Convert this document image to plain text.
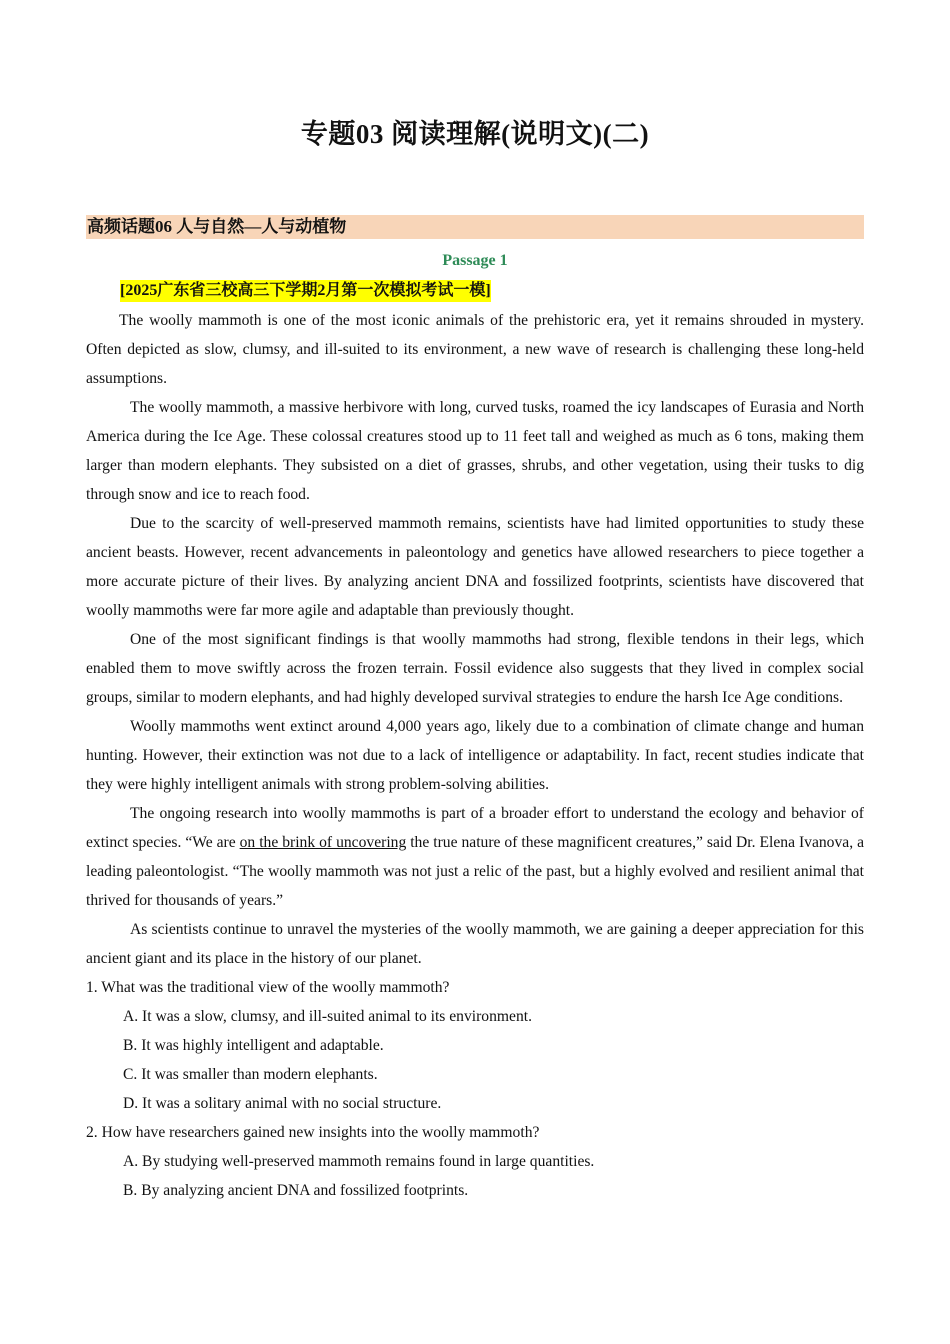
专题03 阅读理解(说明文)(二)
高频话题06 人与自然—人与动植物
Passage 1
[2025广东省三校高三下学期2月第一次模拟考试一模]

The woolly mammoth is one of the most iconic animals of the prehistoric era, yet it remains shrouded in mystery. Often depicted as slow, clumsy, and ill-suited to its environment, a new wave of research is challenging these long-held assumptions.

The woolly mammoth, a massive herbivore with long, curved tusks, roamed the icy landscapes of Eurasia and North America during the Ice Age. These colossal creatures stood up to 11 feet tall and weighed as much as 6 tons, making them larger than modern elephants. They subsisted on a diet of grasses, shrubs, and other vegetation, using their tusks to dig through snow and ice to reach food.

Due to the scarcity of well-preserved mammoth remains, scientists have had limited opportunities to study these ancient beasts. However, recent advancements in paleontology and genetics have allowed researchers to piece together a more accurate picture of their lives. By analyzing ancient DNA and fossilized footprints, scientists have discovered that woolly mammoths were far more agile and adaptable than previously thought.

One of the most significant findings is that woolly mammoths had strong, flexible tendons in their legs, which enabled them to move swiftly across the frozen terrain. Fossil evidence also suggests that they lived in complex social groups, similar to modern elephants, and had highly developed survival strategies to endure the harsh Ice Age conditions.

Woolly mammoths went extinct around 4,000 years ago, likely due to a combination of climate change and human hunting. However, their extinction was not due to a lack of intelligence or adaptability. In fact, recent studies indicate that they were highly intelligent animals with strong problem-solving abilities.

The ongoing research into woolly mammoths is part of a broader effort to understand the ecology and behavior of extinct species. “We are on the brink of uncovering the true nature of these magnificent creatures,” said Dr. Elena Ivanova, a leading paleontologist. “The woolly mammoth was not just a relic of the past, but a highly evolved and resilient animal that thrived for thousands of years.”

As scientists continue to unravel the mysteries of the woolly mammoth, we are gaining a deeper appreciation for this ancient giant and its place in the history of our planet.

1. What was the traditional view of the woolly mammoth?
A. It was a slow, clumsy, and ill-suited animal to its environment.
B. It was highly intelligent and adaptable.
C. It was smaller than modern elephants.
D. It was a solitary animal with no social structure.
2. How have researchers gained new insights into the woolly mammoth?
A. By studying well-preserved mammoth remains found in large quantities.
B. By analyzing ancient DNA and fossilized footprints.
